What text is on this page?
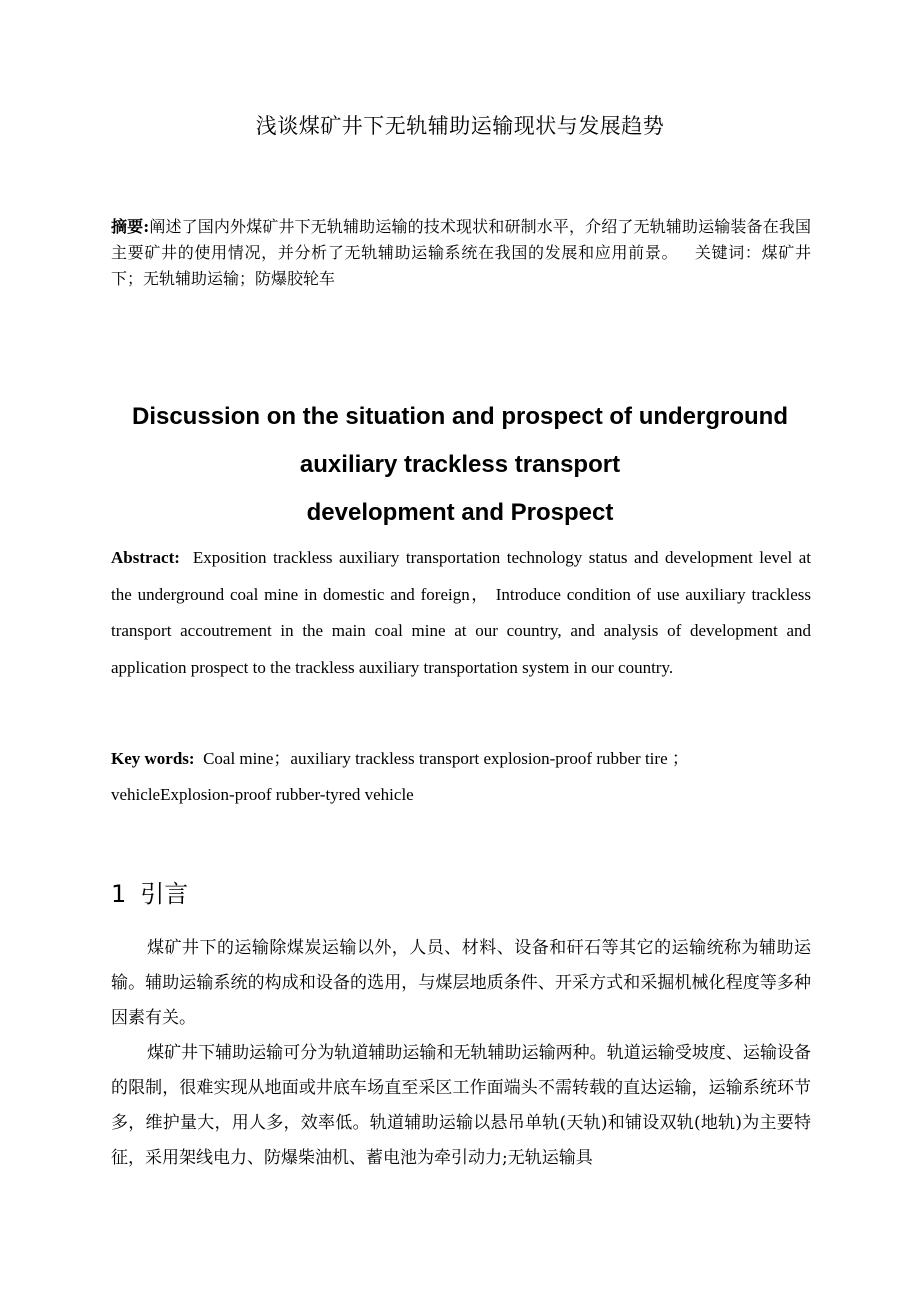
浅谈煤矿井下无轨辅助运输现状与发展趋势
摘要:阐述了国内外煤矿井下无轨辅助运输的技术现状和研制水平，介绍了无轨辅助运输装备在我国主要矿井的使用情况，并分析了无轨辅助运输系统在我国的发展和应用前景。 关键词：煤矿井下；无轨辅助运输；防爆胶轮车
Discussion on the situation and prospect of underground
auxiliary trackless transport
development and Prospect
Abstract: Exposition trackless auxiliary transportation technology status and development level at the underground coal mine in domestic and foreign， Introduce condition of use auxiliary trackless transport accoutrement in the main coal mine at our country, and analysis of development and application prospect to the trackless auxiliary transportation system in our country.
Key words: Coal mine；auxiliary trackless transport explosion-proof rubber tire ；vehicleExplosion-proof rubber-tyred vehicle
1 引言

煤矿井下的运输除煤炭运输以外，人员、材料、设备和矸石等其它的运输统称为辅助运输。辅助运输系统的构成和设备的选用，与煤层地质条件、开采方式和采掘机械化程度等多种因素有关。

煤矿井下辅助运输可分为轨道辅助运输和无轨辅助运输两种。轨道运输受坡度、运输设备的限制，很难实现从地面或井底车场直至采区工作面端头不需转载的直达运输，运输系统环节多，维护量大，用人多，效率低。轨道辅助运输以悬吊单轨(天轨)和铺设双轨(地轨)为主要特征，采用架线电力、防爆柴油机、蓄电池为牵引动力;无轨运输具
